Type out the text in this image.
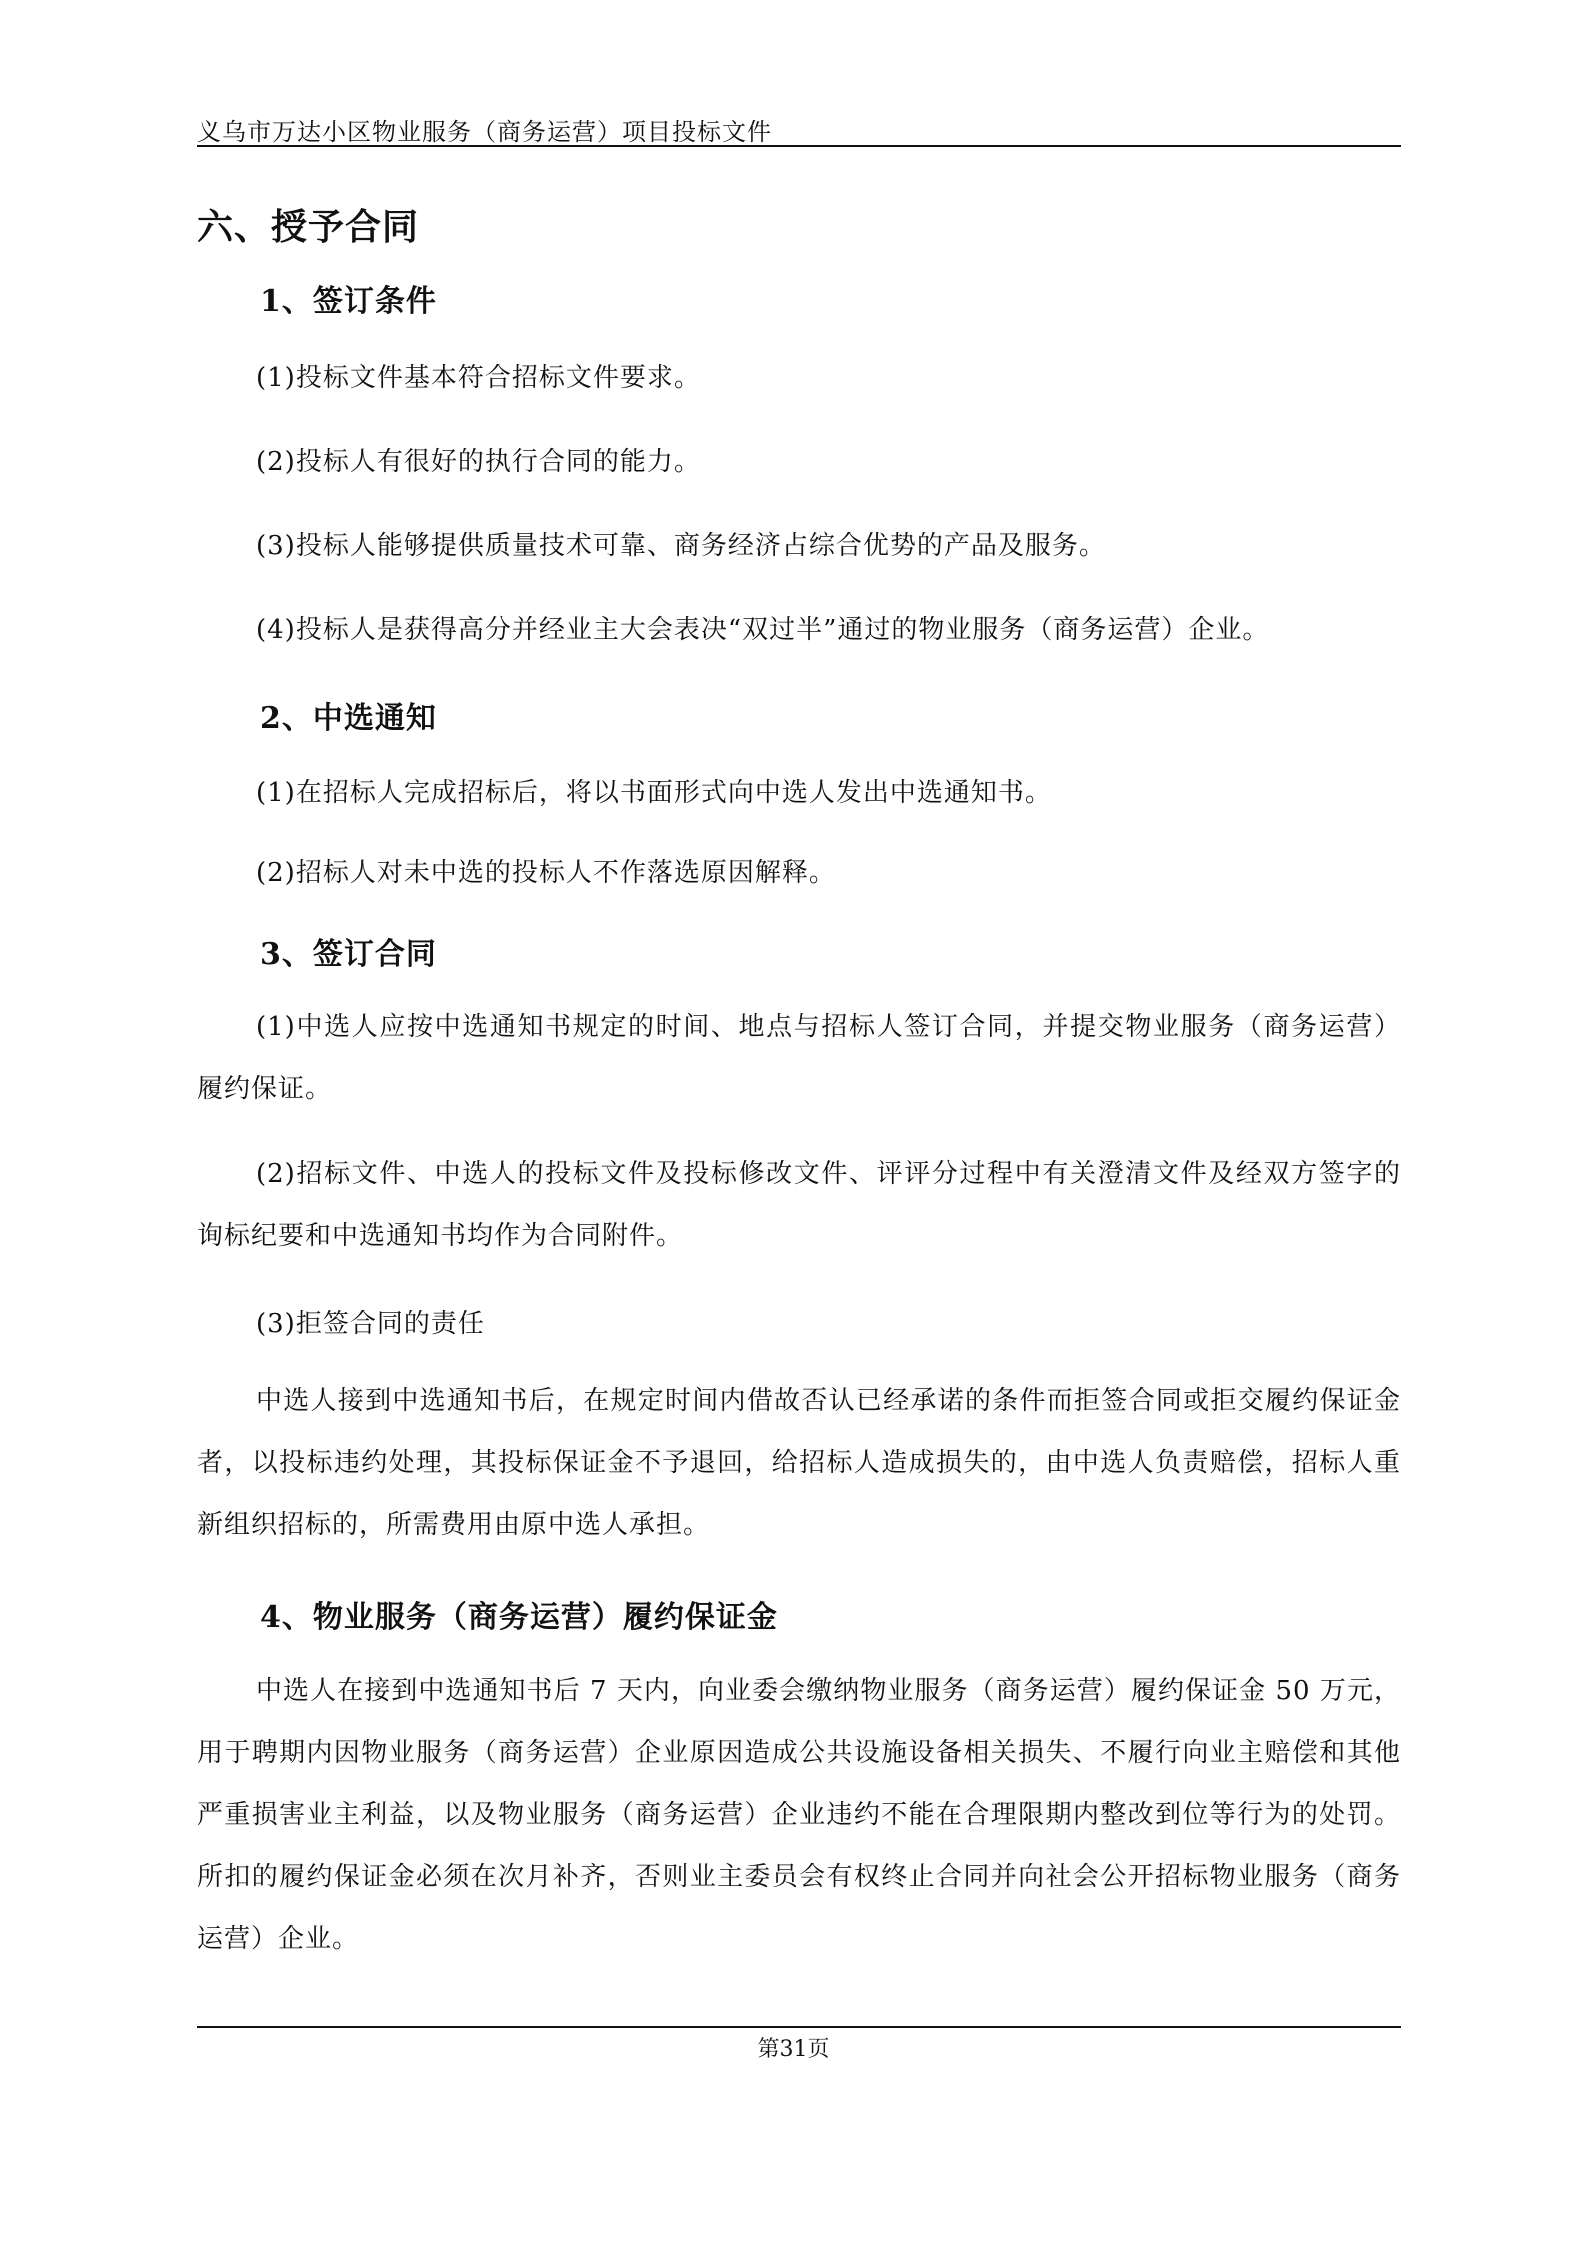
义乌市万达小区物业服务（商务运营）项目投标文件
六、授予合同
1、签订条件
(1)投标文件基本符合招标文件要求。
(2)投标人有很好的执行合同的能力。
(3)投标人能够提供质量技术可靠、商务经济占综合优势的产品及服务。
(4)投标人是获得高分并经业主大会表决“双过半”通过的物业服务（商务运营）企业。
2、中选通知
(1)在招标人完成招标后，将以书面形式向中选人发出中选通知书。
(2)招标人对未中选的投标人不作落选原因解释。
3、签订合同

(1)中选人应按中选通知书规定的时间、地点与招标人签订合同，并提交物业服务（商务运营）履约保证。

(2)招标文件、中选人的投标文件及投标修改文件、评评分过程中有关澄清文件及经双方签字的询标纪要和中选通知书均作为合同附件。

(3)拒签合同的责任

中选人接到中选通知书后，在规定时间内借故否认已经承诺的条件而拒签合同或拒交履约保证金者，以投标违约处理，其投标保证金不予退回，给招标人造成损失的，由中选人负责赔偿，招标人重新组织招标的，所需费用由原中选人承担。

4、物业服务（商务运营）履约保证金

中选人在接到中选通知书后 7 天内，向业委会缴纳物业服务（商务运营）履约保证金 50 万元，用于聘期内因物业服务（商务运营）企业原因造成公共设施设备相关损失、不履行向业主赔偿和其他严重损害业主利益，以及物业服务（商务运营）企业违约不能在合理限期内整改到位等行为的处罚。所扣的履约保证金必须在次月补齐，否则业主委员会有权终止合同并向社会公开招标物业服务（商务运营）企业。

第31页
